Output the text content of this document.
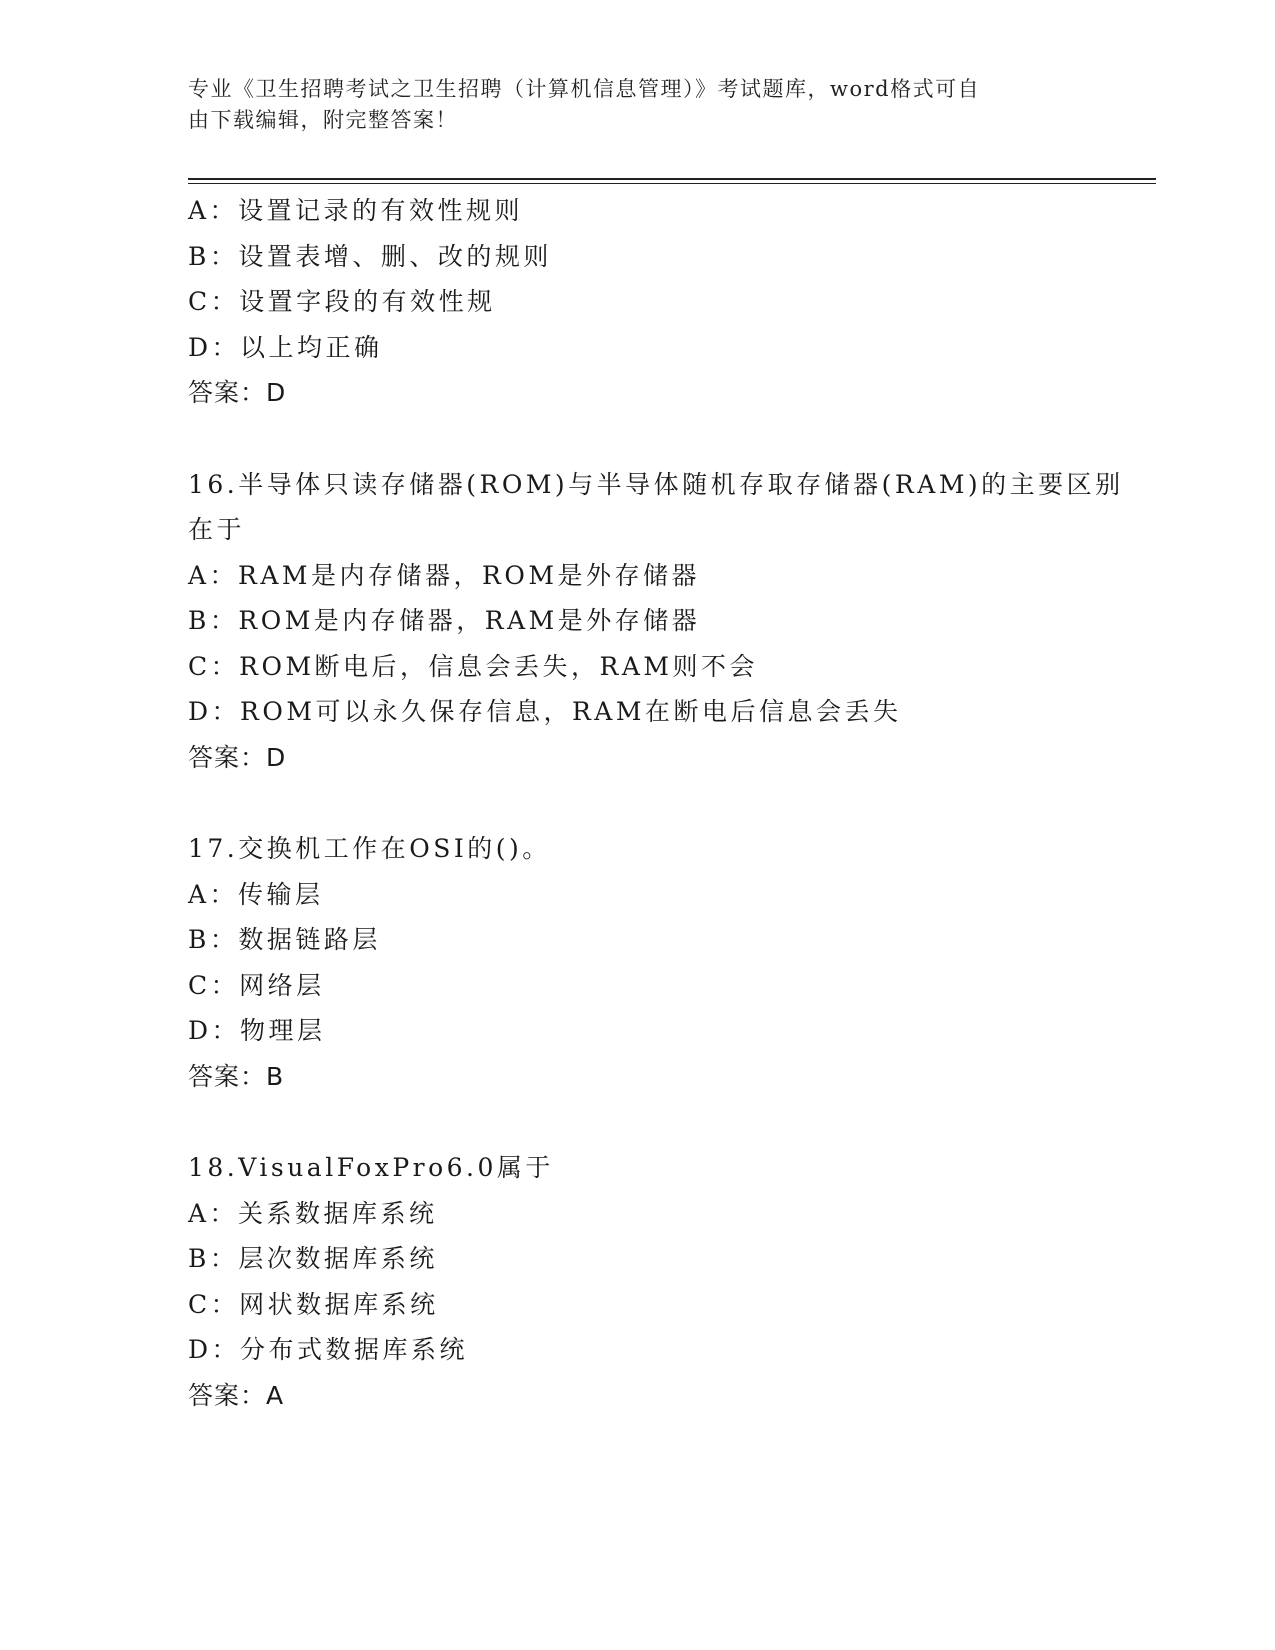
专业《卫生招聘考试之卫生招聘（计算机信息管理）》考试题库，word格式可自
由下载编辑，附完整答案！
A：设置记录的有效性规则
B：设置表增、删、改的规则
C：设置字段的有效性规
D：以上均正确
答案：D
16.半导体只读存储器(ROM)与半导体随机存取存储器(RAM)的主要区别
在于
A：RAM是内存储器，ROM是外存储器
B：ROM是内存储器，RAM是外存储器
C：ROM断电后，信息会丢失，RAM则不会
D：ROM可以永久保存信息，RAM在断电后信息会丢失
答案：D
17.交换机工作在OSI的()。
A：传输层
B：数据链路层
C：网络层
D：物理层
答案：B
18.VisualFoxPro6.0属于
A：关系数据库系统
B：层次数据库系统
C：网状数据库系统
D：分布式数据库系统
答案：A
